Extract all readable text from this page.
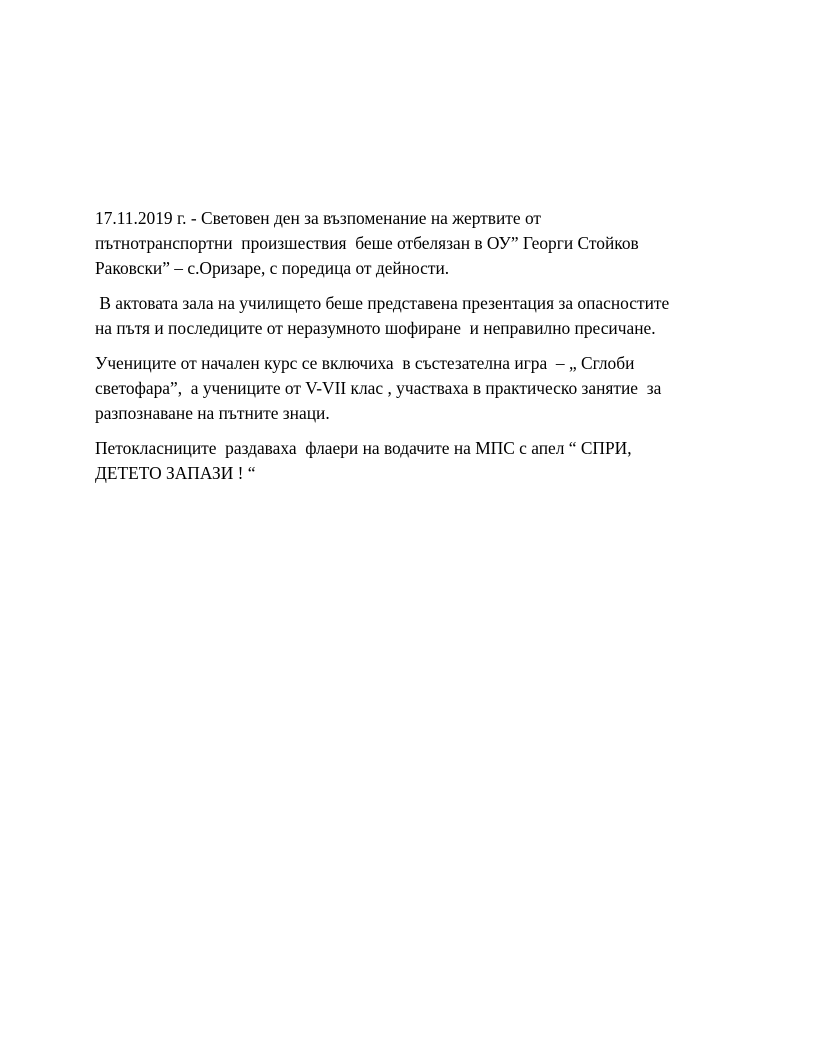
17.11.2019 г. - Световен ден за възпоменание на жертвите от
пътнотранспортни  произшествия  беше отбелязан в ОУ” Георги Стойков
Раковски” – с.Оризаре, с поредица от дейности.

В актовата зала на училището беше представена презентация за опасностите
на пътя и последиците от неразумното шофиране  и неправилно пресичане.

Учениците от начален курс се включиха  в състезателна игра  – „ Сглоби
светофара”,  а учениците от V-VII клас , участваха в практическо занятие  за
разпознаване на пътните знаци.

Петокласниците  раздаваха  флаери на водачите на МПС с апел “ СПРИ,
ДЕТЕТО ЗАПАЗИ ! “
